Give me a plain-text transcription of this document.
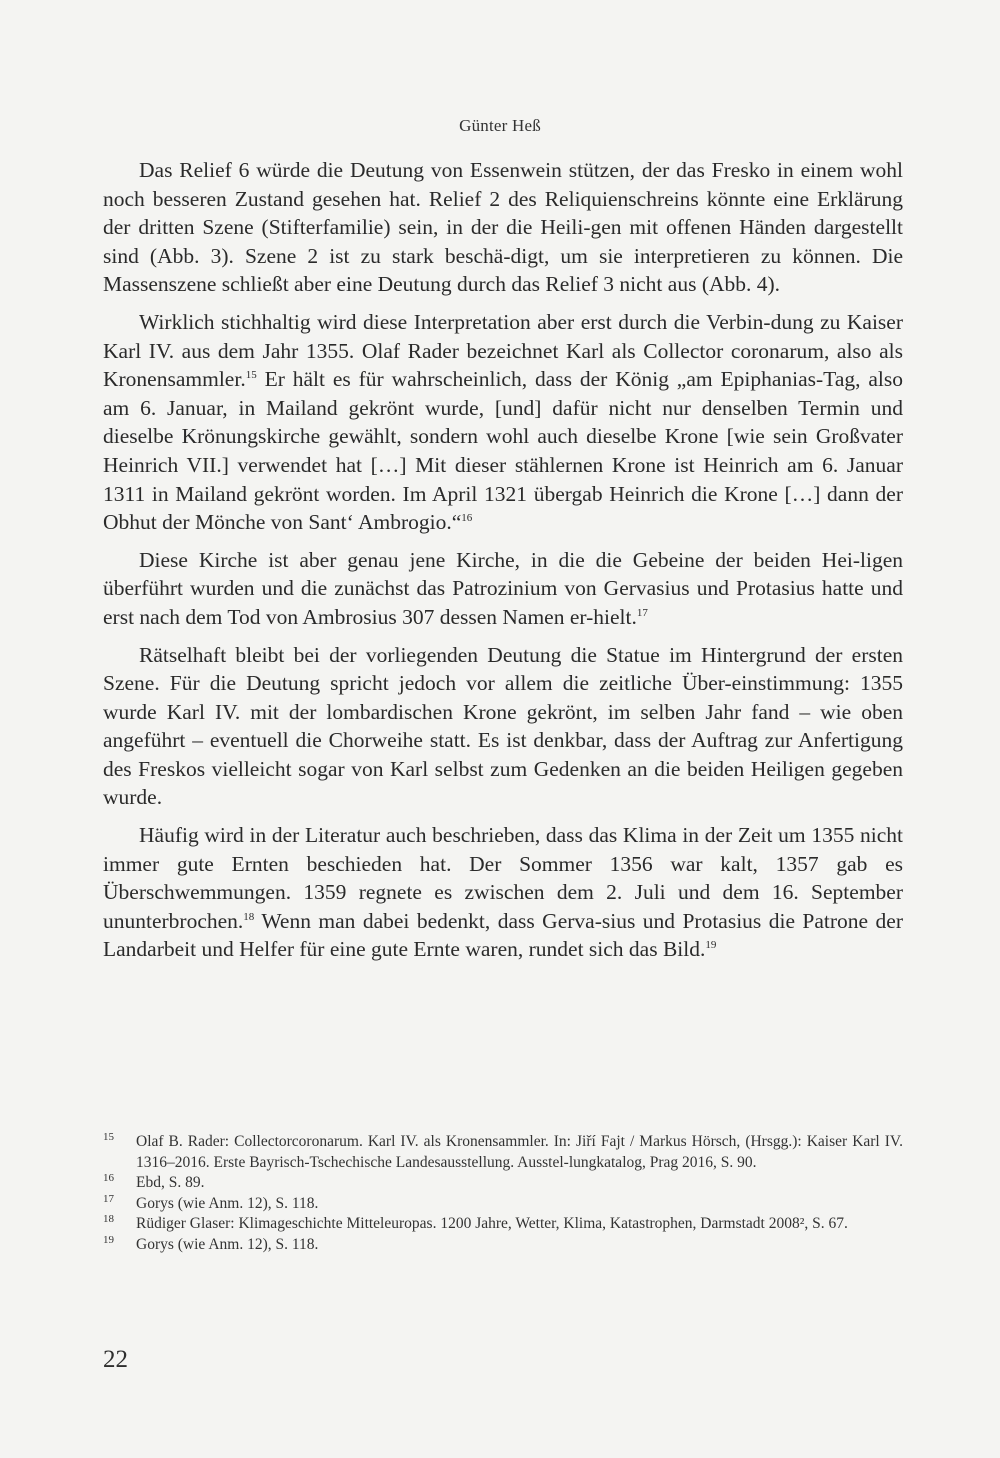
Günter Heß

Das Relief 6 würde die Deutung von Essenwein stützen, der das Fresko in einem wohl noch besseren Zustand gesehen hat. Relief 2 des Reliquienschreins könnte eine Erklärung der dritten Szene (Stifterfamilie) sein, in der die Heili-gen mit offenen Händen dargestellt sind (Abb. 3). Szene 2 ist zu stark beschä-digt, um sie interpretieren zu können. Die Massenszene schließt aber eine Deutung durch das Relief 3 nicht aus (Abb. 4).

Wirklich stichhaltig wird diese Interpretation aber erst durch die Verbin-dung zu Kaiser Karl IV. aus dem Jahr 1355. Olaf Rader bezeichnet Karl als Collector coronarum, also als Kronensammler.$^{15}$ Er hält es für wahrscheinlich, dass der König „am Epiphanias-Tag, also am 6. Januar, in Mailand gekrönt wurde, [und] dafür nicht nur denselben Termin und dieselbe Krönungskirche gewählt, sondern wohl auch dieselbe Krone [wie sein Großvater Heinrich VII.] verwendet hat […] Mit dieser stählernen Krone ist Heinrich am 6. Januar 1311 in Mailand gekrönt worden. Im April 1321 übergab Heinrich die Krone […] dann der Obhut der Mönche von Sant‘ Ambrogio.“$^{16}$

Diese Kirche ist aber genau jene Kirche, in die die Gebeine der beiden Hei-ligen überführt wurden und die zunächst das Patrozinium von Gervasius und Protasius hatte und erst nach dem Tod von Ambrosius 307 dessen Namen er-hielt.$^{17}$

Rätselhaft bleibt bei der vorliegenden Deutung die Statue im Hintergrund der ersten Szene. Für die Deutung spricht jedoch vor allem die zeitliche Über-einstimmung: 1355 wurde Karl IV. mit der lombardischen Krone gekrönt, im selben Jahr fand – wie oben angeführt – eventuell die Chorweihe statt. Es ist denkbar, dass der Auftrag zur Anfertigung des Freskos vielleicht sogar von Karl selbst zum Gedenken an die beiden Heiligen gegeben wurde.

Häufig wird in der Literatur auch beschrieben, dass das Klima in der Zeit um 1355 nicht immer gute Ernten beschieden hat. Der Sommer 1356 war kalt, 1357 gab es Überschwemmungen. 1359 regnete es zwischen dem 2. Juli und dem 16. September ununterbrochen.$^{18}$ Wenn man dabei bedenkt, dass Gerva-sius und Protasius die Patrone der Landarbeit und Helfer für eine gute Ernte waren, rundet sich das Bild.$^{19}$

15 Olaf B. Rader: Collectorcoronarum. Karl IV. als Kronensammler. In: Jiří Fajt / Markus Hörsch, (Hrsgg.): Kaiser Karl IV. 1316–2016. Erste Bayrisch-Tschechische Landesausstellung. Ausstel-lungkatalog, Prag 2016, S. 90.
16 Ebd, S. 89.
17 Gorys (wie Anm. 12), S. 118.
18 Rüdiger Glaser: Klimageschichte Mitteleuropas. 1200 Jahre, Wetter, Klima, Katastrophen, Darmstadt 2008², S. 67.
19 Gorys (wie Anm. 12), S. 118.
22
